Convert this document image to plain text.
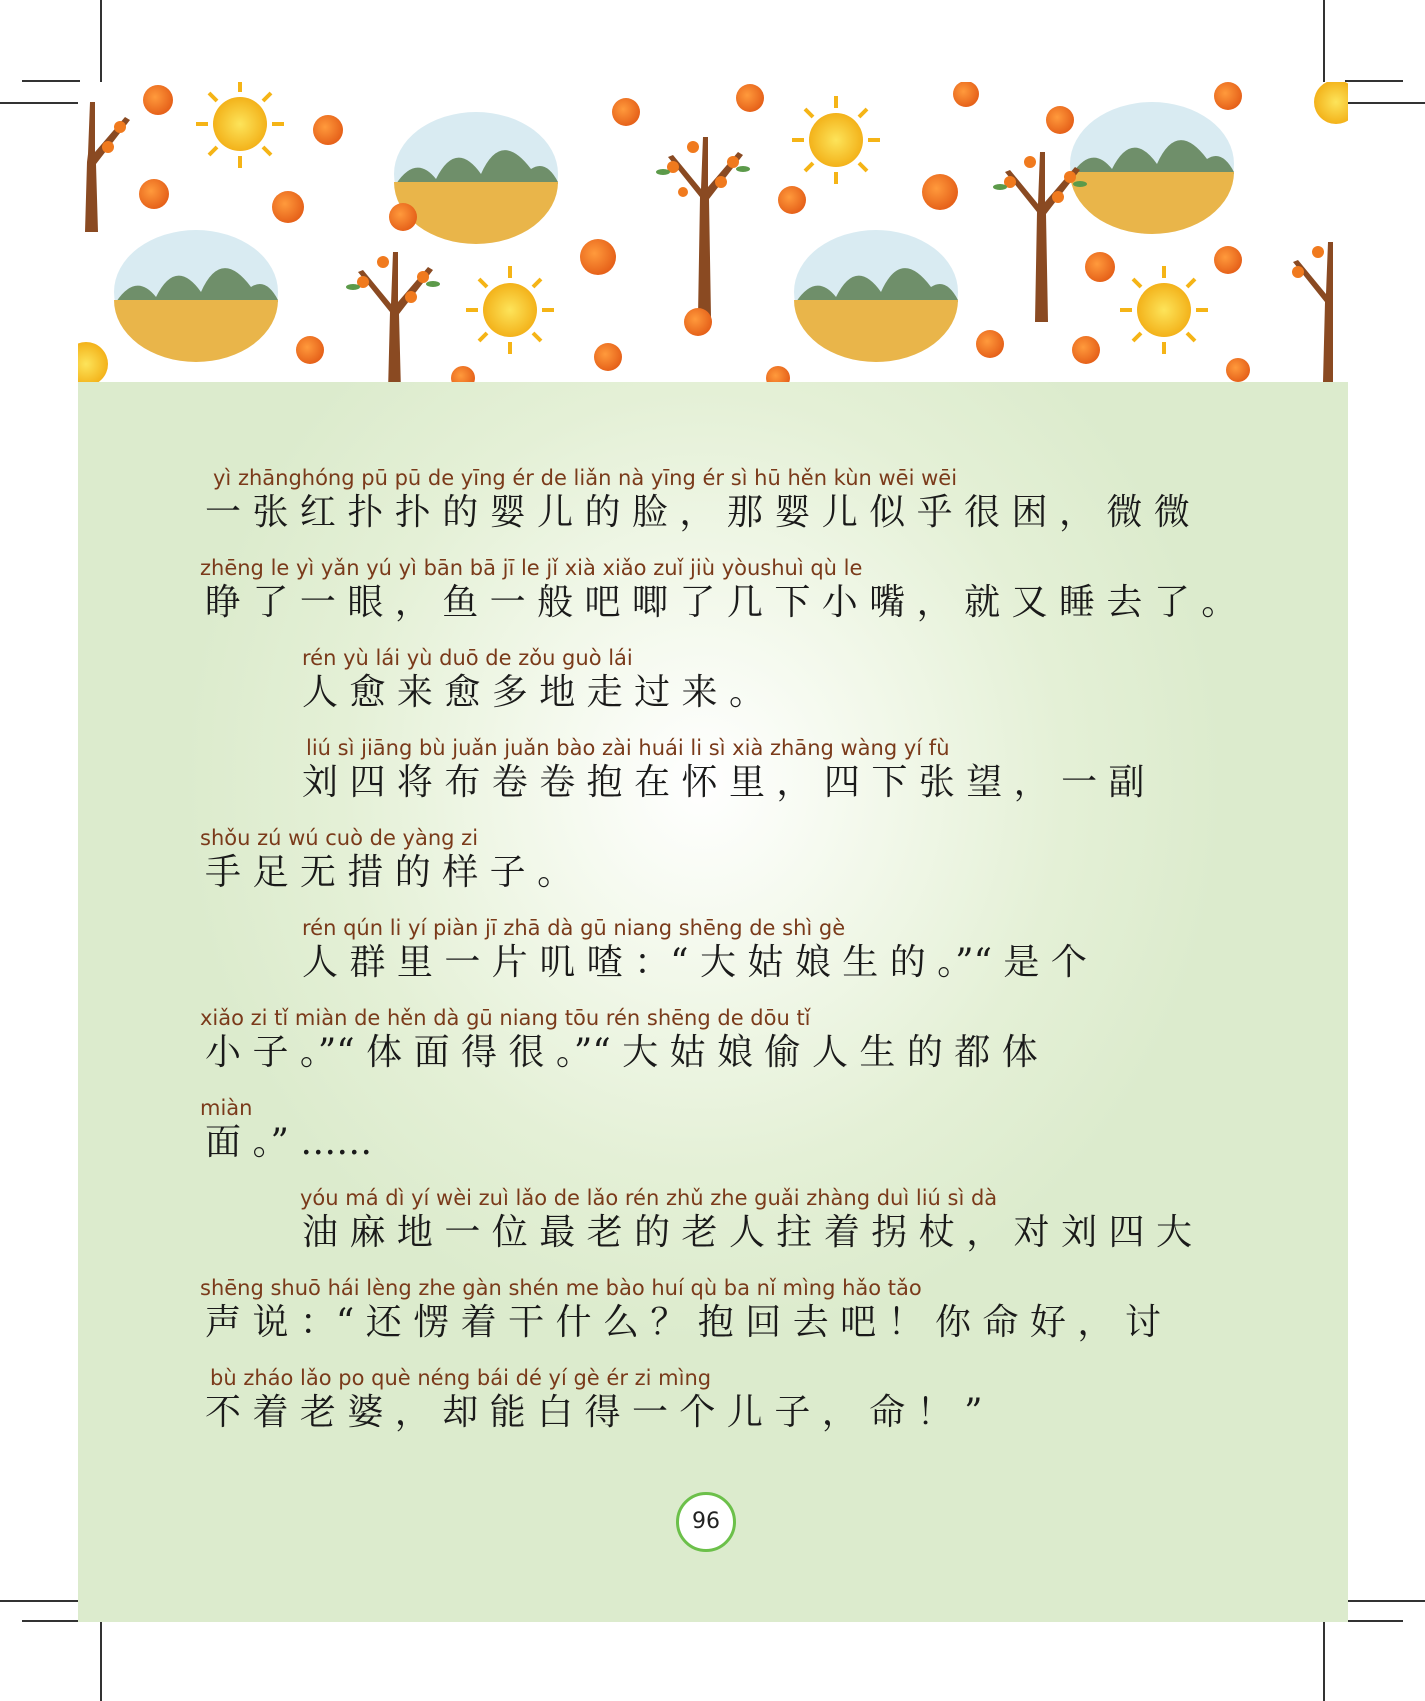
yì zhānghóng pū pū de yīng ér de liǎn nà yīng ér sì hū hěn kùn wēi wēi
一 张 红 扑 扑 的 婴 儿 的 脸 ， 那 婴 儿 似 乎 很 困 ， 微 微
zhēng le yì yǎn yú yì bān bā jī le jǐ xià xiǎo zuǐ jiù yòushuì qù le
睁 了 一 眼 ， 鱼 一 般 吧 唧 了 几 下 小 嘴 ， 就 又 睡 去 了 。
rén yù lái yù duō de zǒu guò lái
人 愈 来 愈 多 地 走 过 来 。
liú sì jiāng bù juǎn juǎn bào zài huái li sì xià zhāng wàng yí fù
刘 四 将 布 卷 卷 抱 在 怀 里 ， 四 下 张 望 ， 一 副
shǒu zú wú cuò de yàng zi
手 足 无 措 的 样 子 。
rén qún li yí piàn jī zhā dà gū niang shēng de shì gè
人 群 里 一 片 叽 喳 ：“ 大 姑 娘 生 的 。”“ 是 个
xiǎo zi tǐ miàn de hěn dà gū niang tōu rén shēng de dōu tǐ
小 子 。”“ 体 面 得 很 。”“ 大 姑 娘 偷 人 生 的 都 体
miàn
面 。” ……
yóu má dì yí wèi zuì lǎo de lǎo rén zhǔ zhe guǎi zhàng duì liú sì dà
油 麻 地 一 位 最 老 的 老 人 拄 着 拐 杖 ， 对 刘 四 大
shēng shuō hái lèng zhe gàn shén me bào huí qù ba nǐ mìng hǎo tǎo
声 说 ：“ 还 愣 着 干 什 么 ？ 抱 回 去 吧 ！ 你 命 好 ， 讨
bù zháo lǎo po què néng bái dé yí gè ér zi mìng
不 着 老 婆 ， 却 能 白 得 一 个 儿 子 ， 命 ！ ”
96
